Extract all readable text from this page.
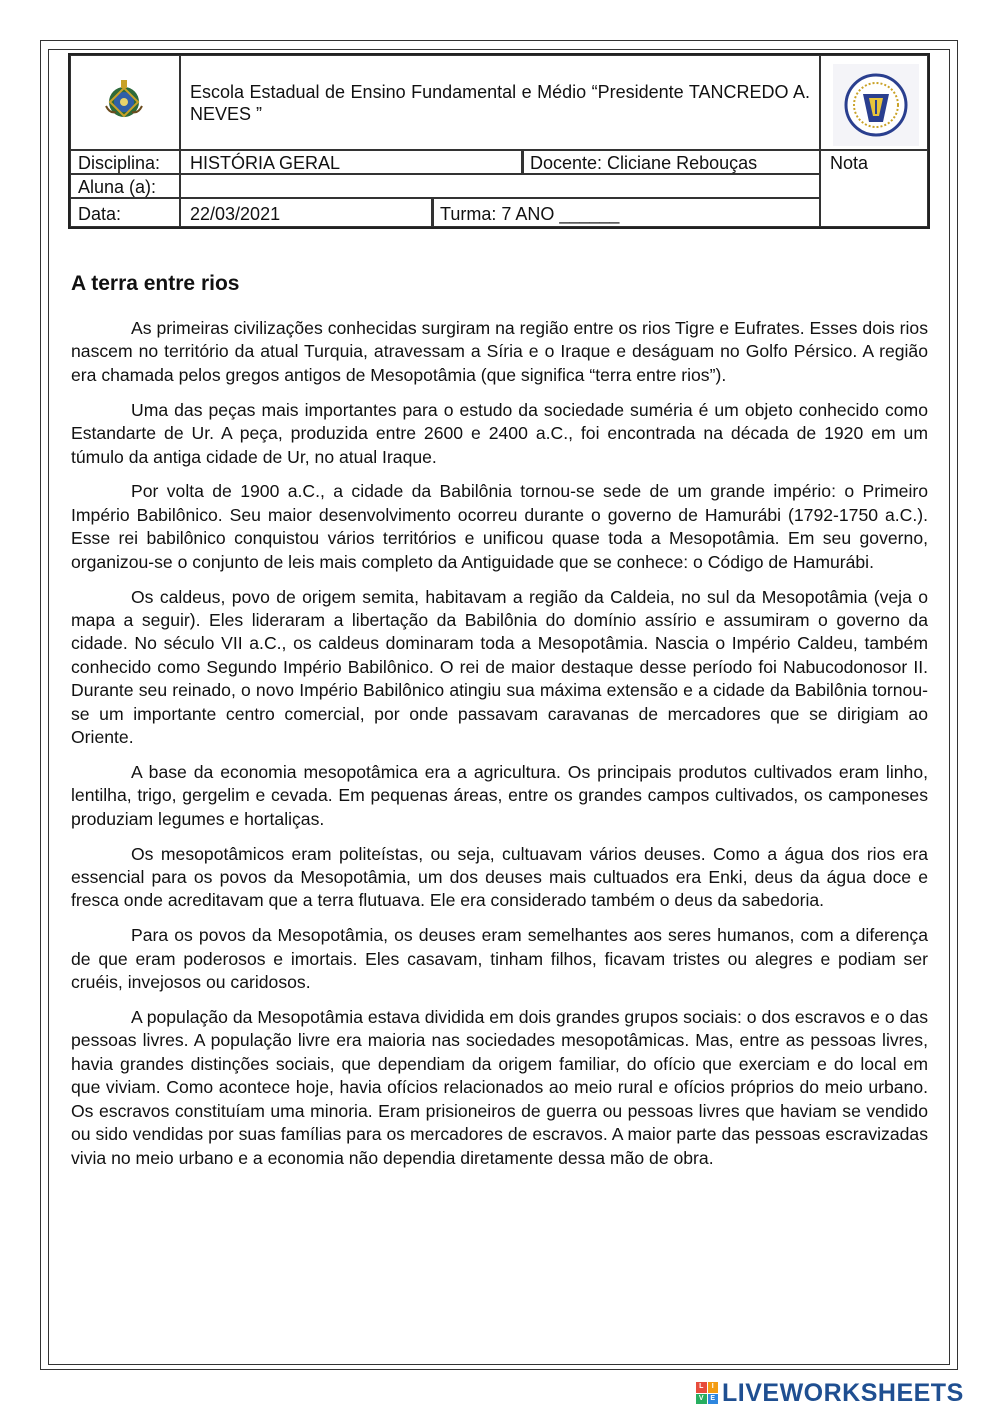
Escola Estadual de Ensino Fundamental e Médio “Presidente TANCREDO A. NEVES ”
Disciplina: HISTÓRIA GERAL	Docente: Cliciane Rebouças	Nota
Aluna (a):
Data:	22/03/2021	Turma: 7 ANO ______
A terra entre rios

As primeiras civilizações conhecidas surgiram na região entre os rios Tigre e Eufrates. Esses dois rios nascem no território da atual Turquia, atravessam a Síria e o Iraque e deságuam no Golfo Pérsico. A região era chamada pelos gregos antigos de Mesopotâmia (que significa “terra entre rios”).

Uma das peças mais importantes para o estudo da sociedade suméria é um objeto conhecido como Estandarte de Ur. A peça, produzida entre 2600 e 2400 a.C., foi encontrada na década de 1920 em um túmulo da antiga cidade de Ur, no atual Iraque.

Por volta de 1900 a.C., a cidade da Babilônia tornou-se sede de um grande império: o Primeiro Império Babilônico. Seu maior desenvolvimento ocorreu durante o governo de Hamurábi (1792-1750 a.C.). Esse rei babilônico conquistou vários territórios e unificou quase toda a Mesopotâmia. Em seu governo, organizou-se o conjunto de leis mais completo da Antiguidade que se conhece: o Código de Hamurábi.

Os caldeus, povo de origem semita, habitavam a região da Caldeia, no sul da Mesopotâmia (veja o mapa a seguir). Eles lideraram a libertação da Babilônia do domínio assírio e assumiram o governo da cidade. No século VII a.C., os caldeus dominaram toda a Mesopotâmia. Nascia o Império Caldeu, também conhecido como Segundo Império Babilônico. O rei de maior destaque desse período foi Nabucodonosor II. Durante seu reinado, o novo Império Babilônico atingiu sua máxima extensão e a cidade da Babilônia tornou-se um importante centro comercial, por onde passavam caravanas de mercadores que se dirigiam ao Oriente.

A base da economia mesopotâmica era a agricultura. Os principais produtos cultivados eram linho, lentilha, trigo, gergelim e cevada. Em pequenas áreas, entre os grandes campos cultivados, os camponeses produziam legumes e hortaliças.

Os mesopotâmicos eram politeístas, ou seja, cultuavam vários deuses. Como a água dos rios era essencial para os povos da Mesopotâmia, um dos deuses mais cultuados era Enki, deus da água doce e fresca onde acreditavam que a terra flutuava. Ele era considerado também o deus da sabedoria.

Para os povos da Mesopotâmia, os deuses eram semelhantes aos seres humanos, com a diferença de que eram poderosos e imortais. Eles casavam, tinham filhos, ficavam tristes ou alegres e podiam ser cruéis, invejosos ou caridosos.

A população da Mesopotâmia estava dividida em dois grandes grupos sociais: o dos escravos e o das pessoas livres. A população livre era maioria nas sociedades mesopotâmicas. Mas, entre as pessoas livres, havia grandes distinções sociais, que dependiam da origem familiar, do ofício que exerciam e do local em que viviam. Como acontece hoje, havia ofícios relacionados ao meio rural e ofícios próprios do meio urbano. Os escravos constituíam uma minoria. Eram prisioneiros de guerra ou pessoas livres que haviam se vendido ou sido vendidas por suas famílias para os mercadores de escravos. A maior parte das pessoas escravizadas vivia no meio urbano e a economia não dependia diretamente dessa mão de obra.

L	I
V E LIVEWORKSHEETS
